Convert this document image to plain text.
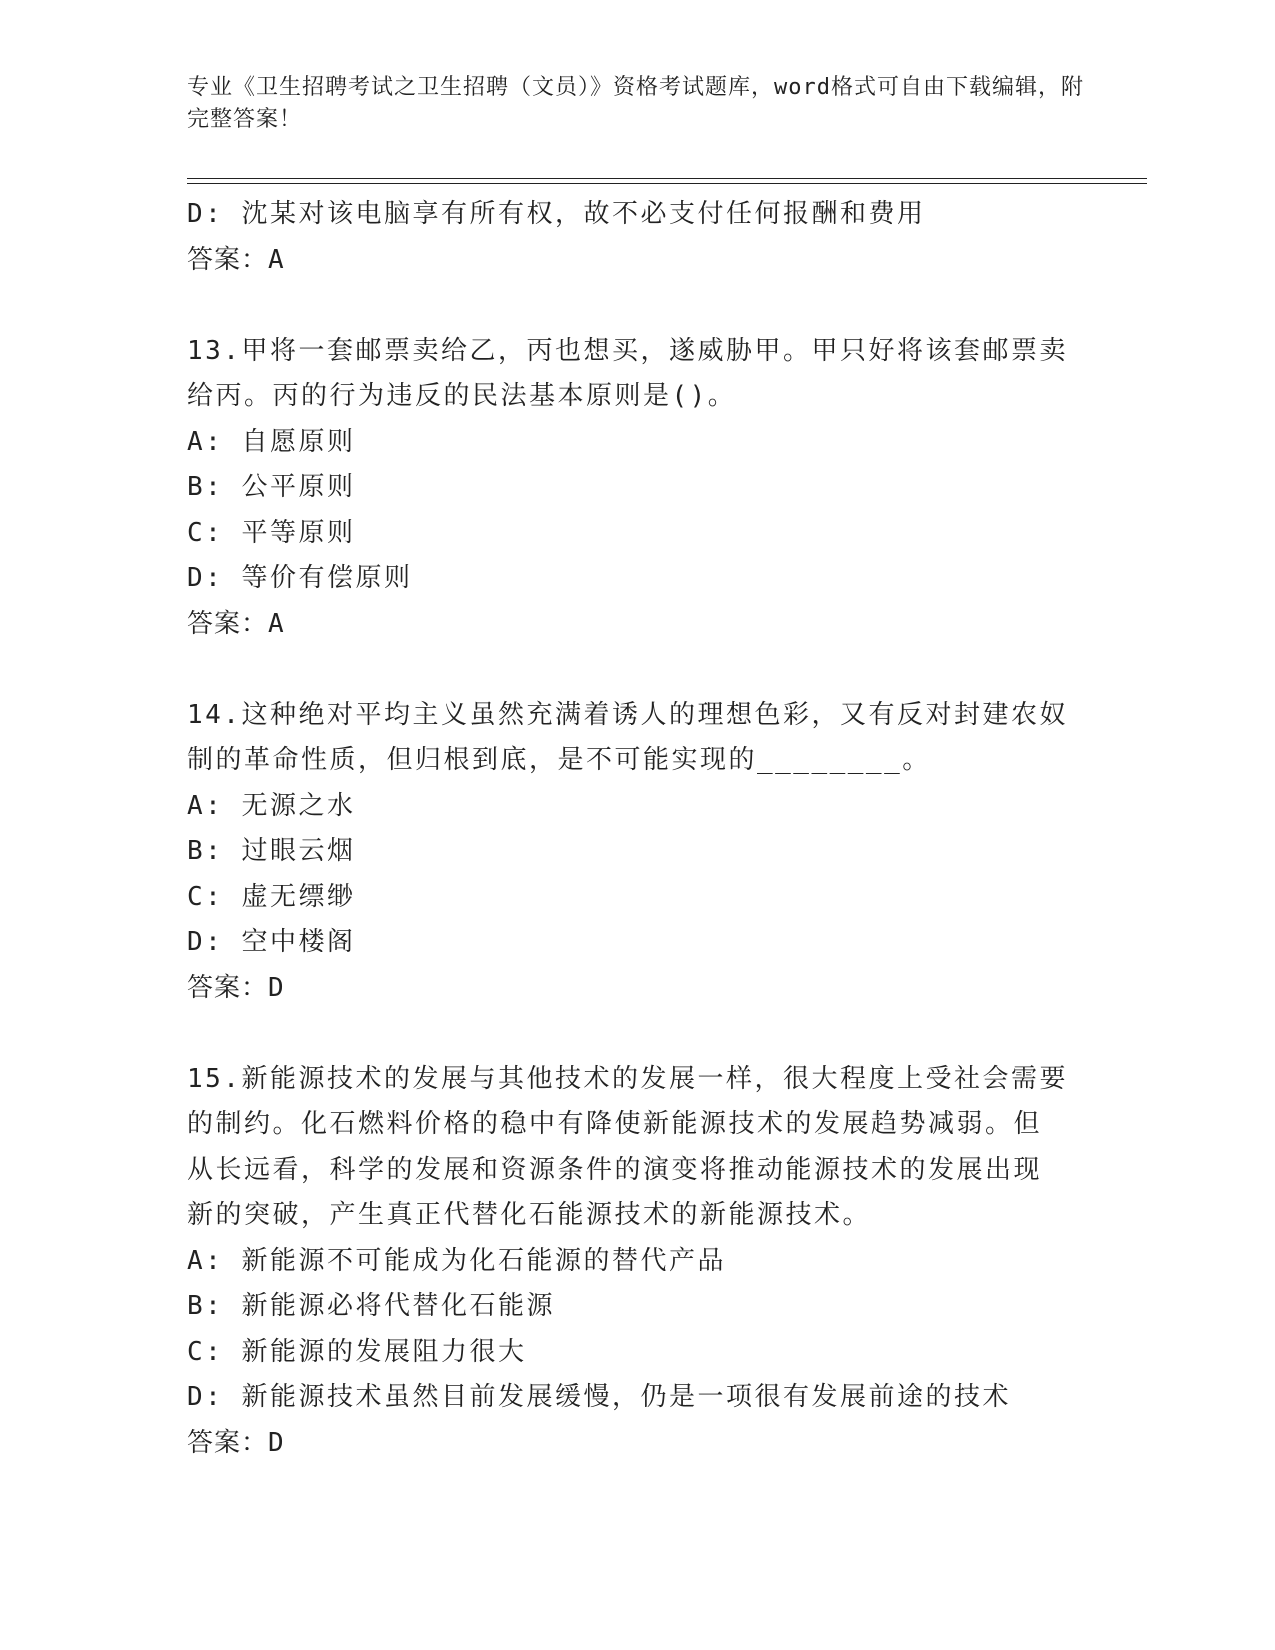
专业《卫生招聘考试之卫生招聘（文员）》资格考试题库，word格式可自由下载编辑，附完整答案！
D: 沈某对该电脑享有所有权，故不必支付任何报酬和费用
答案：A
13.甲将一套邮票卖给乙，丙也想买，遂威胁甲。甲只好将该套邮票卖
给丙。丙的行为违反的民法基本原则是()。
A: 自愿原则
B: 公平原则
C: 平等原则
D: 等价有偿原则
答案：A
14.这种绝对平均主义虽然充满着诱人的理想色彩，又有反对封建农奴
制的革命性质，但归根到底，是不可能实现的________。
A: 无源之水
B: 过眼云烟
C: 虚无缥缈
D: 空中楼阁
答案：D
15.新能源技术的发展与其他技术的发展一样，很大程度上受社会需要
的制约。化石燃料价格的稳中有降使新能源技术的发展趋势减弱。但
从长远看，科学的发展和资源条件的演变将推动能源技术的发展出现
新的突破，产生真正代替化石能源技术的新能源技术。
A: 新能源不可能成为化石能源的替代产品
B: 新能源必将代替化石能源
C: 新能源的发展阻力很大
D: 新能源技术虽然目前发展缓慢，仍是一项很有发展前途的技术
答案：D
